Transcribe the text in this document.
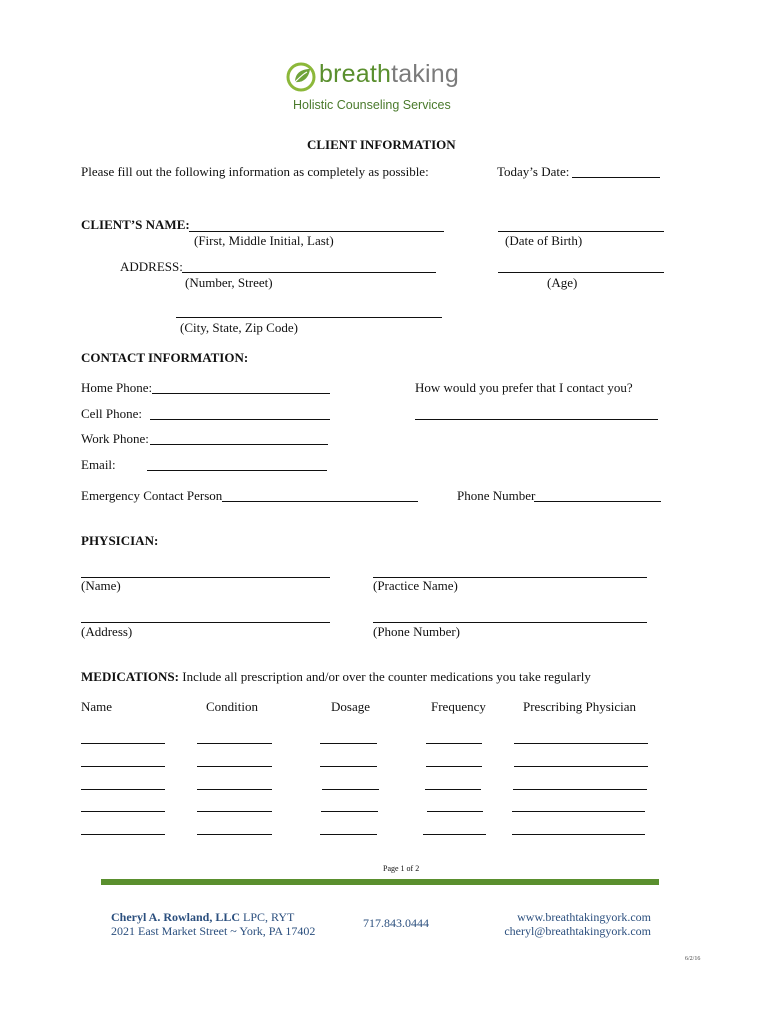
breathtaking
Holistic Counseling Services
CLIENT INFORMATION
Please fill out the following information as completely as possible:	Today’s Date:
CLIENT’S NAME:
(First, Middle Initial, Last)	(Date of Birth)
ADDRESS:
(Number, Street)	(Age)
(City, State, Zip Code)
CONTACT INFORMATION:
Home Phone:	How would you prefer that I contact you?
Cell Phone:
Work Phone:
Email:
Emergency Contact Person	Phone Number
PHYSICIAN:
(Name)	(Practice Name)
(Address)	(Phone Number)
MEDICATIONS: Include all prescription and/or over the counter medications you take regularly
Name	Condition	Dosage	Frequency	Prescribing Physician
Page 1 of 2
Cheryl A. Rowland, LLC LPC, RYT
2021 East Market Street ~ York, PA 17402
717.843.0444	www.breathtakingyork.com
cheryl@breathtakingyork.com
6/2/16
